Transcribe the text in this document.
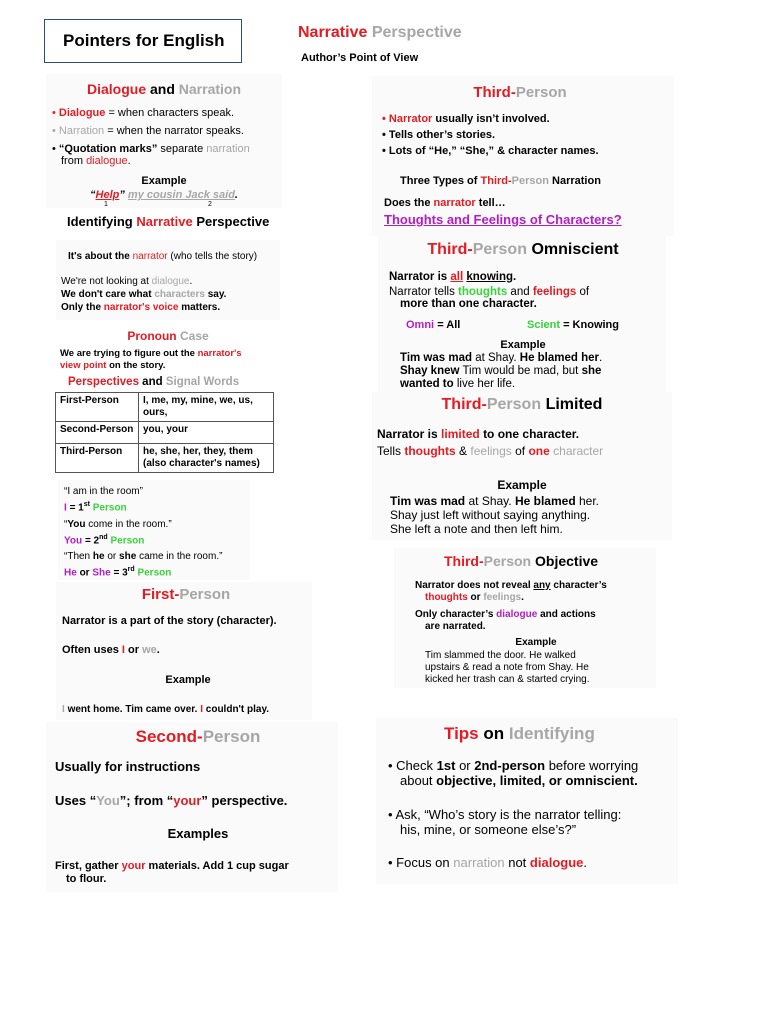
Pointers for English	Narrative Perspective
Author’s Point of View
Dialogue and Narration
• Dialogue = when characters speak.
• Narration = when the narrator speaks.
• “Quotation marks” separate narration
from dialogue.
Example
“Help” my cousin Jack said.
1	2
Identifying Narrative Perspective
It's about the narrator (who tells the story)
We're not looking at dialogue.
We don't care what characters say.
Only the narrator's voice matters.
Pronoun Case
We are trying to figure out the narrator's
view point on the story.
Perspectives and Signal Words
First-Person	I, me, my, mine, we, us, ours,
Second-Person	you, your
Third-Person	he, she, her, they, them (also character's names)
“I am in the room”
I = 1st Person
“You come in the room.”
You = 2nd Person
“Then he or she came in the room.”
He or She = 3rd Person
First-Person
Narrator is a part of the story (character).
Often uses I or we.
Example
I went home. Tim came over. I couldn't play.
Second-Person
Usually for instructions
Uses “You”; from “your” perspective.
Examples
First, gather your materials. Add 1 cup sugar
to flour.
Third-Person
• Narrator usually isn’t involved.
• Tells other’s stories.
• Lots of “He,” “She,” & character names.
Three Types of Third-Person Narration
Does the narrator tell…
Thoughts and Feelings of Characters?
Third-Person Omniscient
Narrator is all knowing.
Narrator tells thoughts and feelings of
more than one character.
Omni = All	Scient = Knowing
Example
Tim was mad at Shay. He blamed her.
Shay knew Tim would be mad, but she
wanted to live her life.
Third-Person Limited
Narrator is limited to one character.
Tells thoughts & feelings of one character
Example
Tim was mad at Shay. He blamed her.
Shay just left without saying anything.
She left a note and then left him.
Third-Person Objective
Narrator does not reveal any character’s
thoughts or feelings.
Only character’s dialogue and actions
are narrated.
Example
Tim slammed the door. He walked
upstairs & read a note from Shay. He
kicked her trash can & started crying.
Tips on Identifying
• Check 1st or 2nd-person before worrying
about objective, limited, or omniscient.
• Ask, “Who’s story is the narrator telling:
his, mine, or someone else’s?”
• Focus on narration not dialogue.
